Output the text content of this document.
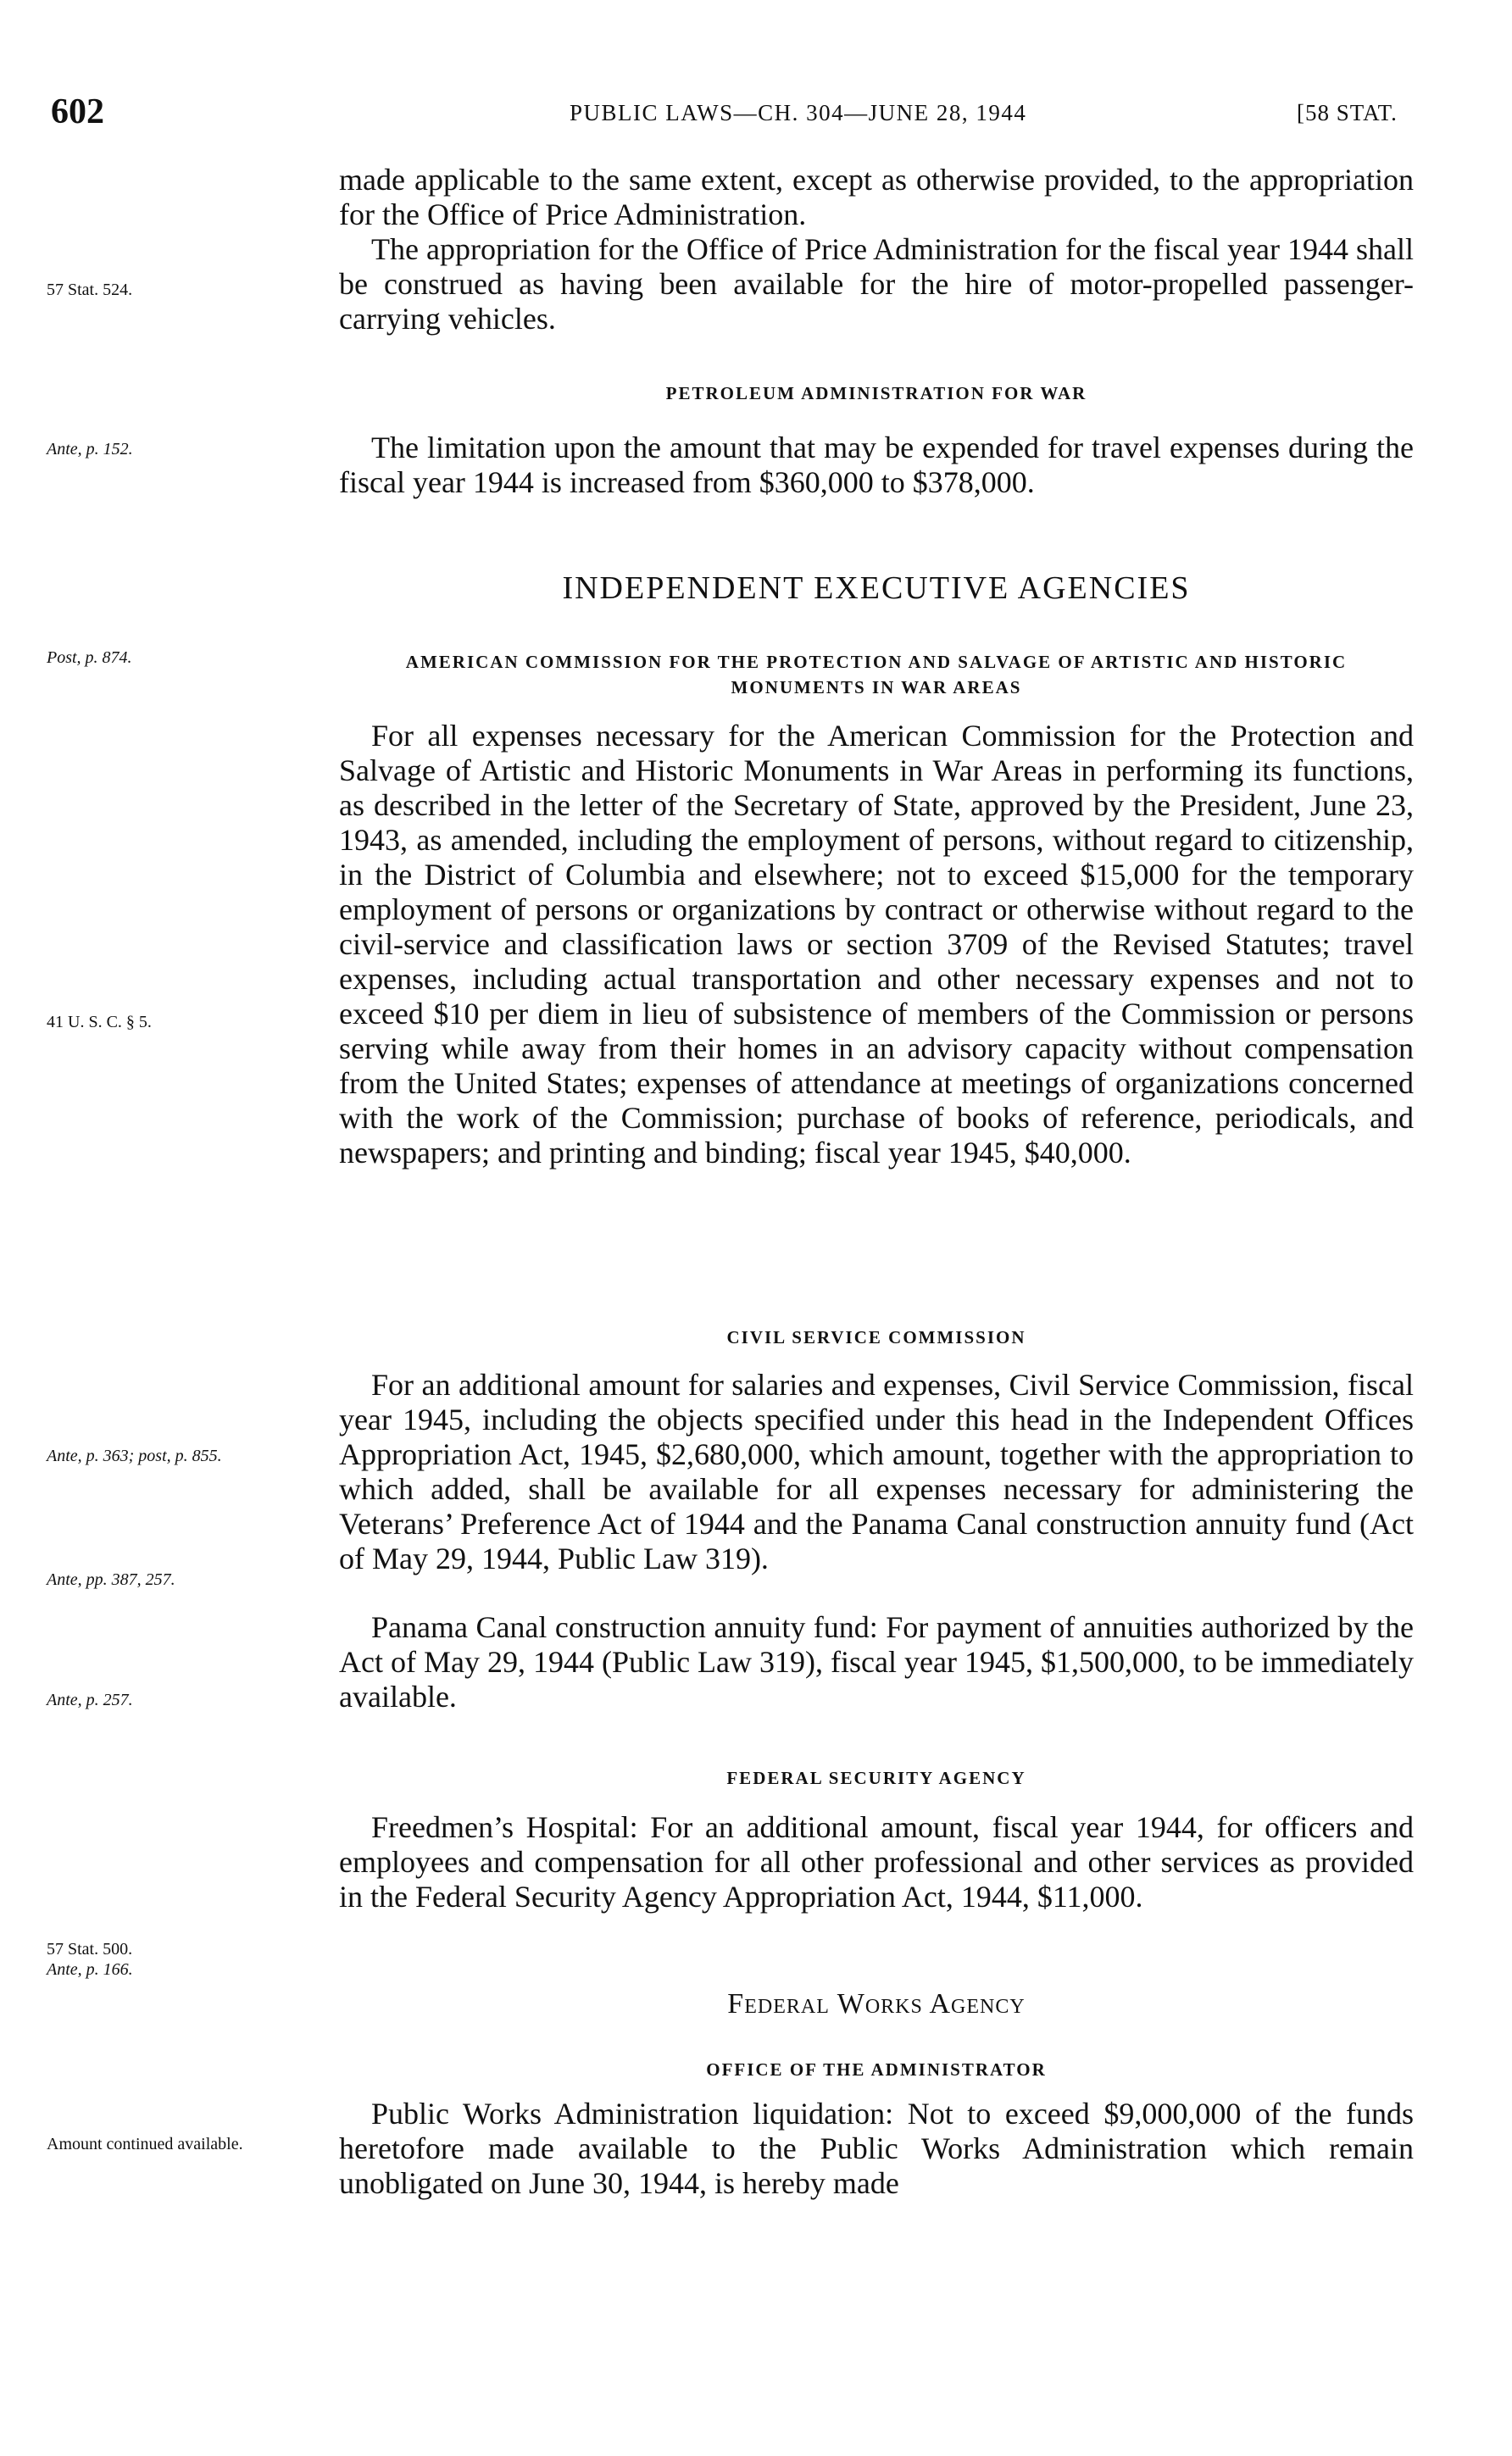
602	PUBLIC LAWS—CH. 304—JUNE 28, 1944	[58 STAT.
57 Stat. 524.
Ante, p. 152.
Post, p. 874.
41 U. S. C. § 5.
Ante, p. 363; post, p. 855.
Ante, pp. 387, 257.
Ante, p. 257.
57 Stat. 500.
Ante, p. 166.
Amount continued available.

made applicable to the same extent, except as otherwise provided, to the appropriation for the Office of Price Administration.

The appropriation for the Office of Price Administration for the fiscal year 1944 shall be construed as having been available for the hire of motor-propelled passenger-carrying vehicles.

PETROLEUM ADMINISTRATION FOR WAR

The limitation upon the amount that may be expended for travel expenses during the fiscal year 1944 is increased from $360,000 to $378,000.

INDEPENDENT EXECUTIVE AGENCIES
AMERICAN COMMISSION FOR THE PROTECTION AND SALVAGE OF ARTISTIC AND HISTORIC MONUMENTS IN WAR AREAS

For all expenses necessary for the American Commission for the Protection and Salvage of Artistic and Historic Monuments in War Areas in performing its functions, as described in the letter of the Secretary of State, approved by the President, June 23, 1943, as amended, including the employment of persons, without regard to citizenship, in the District of Columbia and elsewhere; not to exceed $15,000 for the temporary employment of persons or organizations by contract or otherwise without regard to the civil-service and classification laws or section 3709 of the Revised Statutes; travel expenses, including actual transportation and other necessary expenses and not to exceed $10 per diem in lieu of subsistence of members of the Commission or persons serving while away from their homes in an advisory capacity without compensation from the United States; expenses of attendance at meetings of organizations concerned with the work of the Commission; purchase of books of reference, periodicals, and newspapers; and printing and binding; fiscal year 1945, $40,000.

CIVIL SERVICE COMMISSION

For an additional amount for salaries and expenses, Civil Service Commission, fiscal year 1945, including the objects specified under this head in the Independent Offices Appropriation Act, 1945, $2,680,000, which amount, together with the appropriation to which added, shall be available for all expenses necessary for administering the Veterans’ Preference Act of 1944 and the Panama Canal construction annuity fund (Act of May 29, 1944, Public Law 319).

Panama Canal construction annuity fund: For payment of annuities authorized by the Act of May 29, 1944 (Public Law 319), fiscal year 1945, $1,500,000, to be immediately available.

FEDERAL SECURITY AGENCY

Freedmen’s Hospital: For an additional amount, fiscal year 1944, for officers and employees and compensation for all other professional and other services as provided in the Federal Security Agency Appropriation Act, 1944, $11,000.

Federal Works Agency
OFFICE OF THE ADMINISTRATOR

Public Works Administration liquidation: Not to exceed $9,000,000 of the funds heretofore made available to the Public Works Administration which remain unobligated on June 30, 1944, is hereby made
